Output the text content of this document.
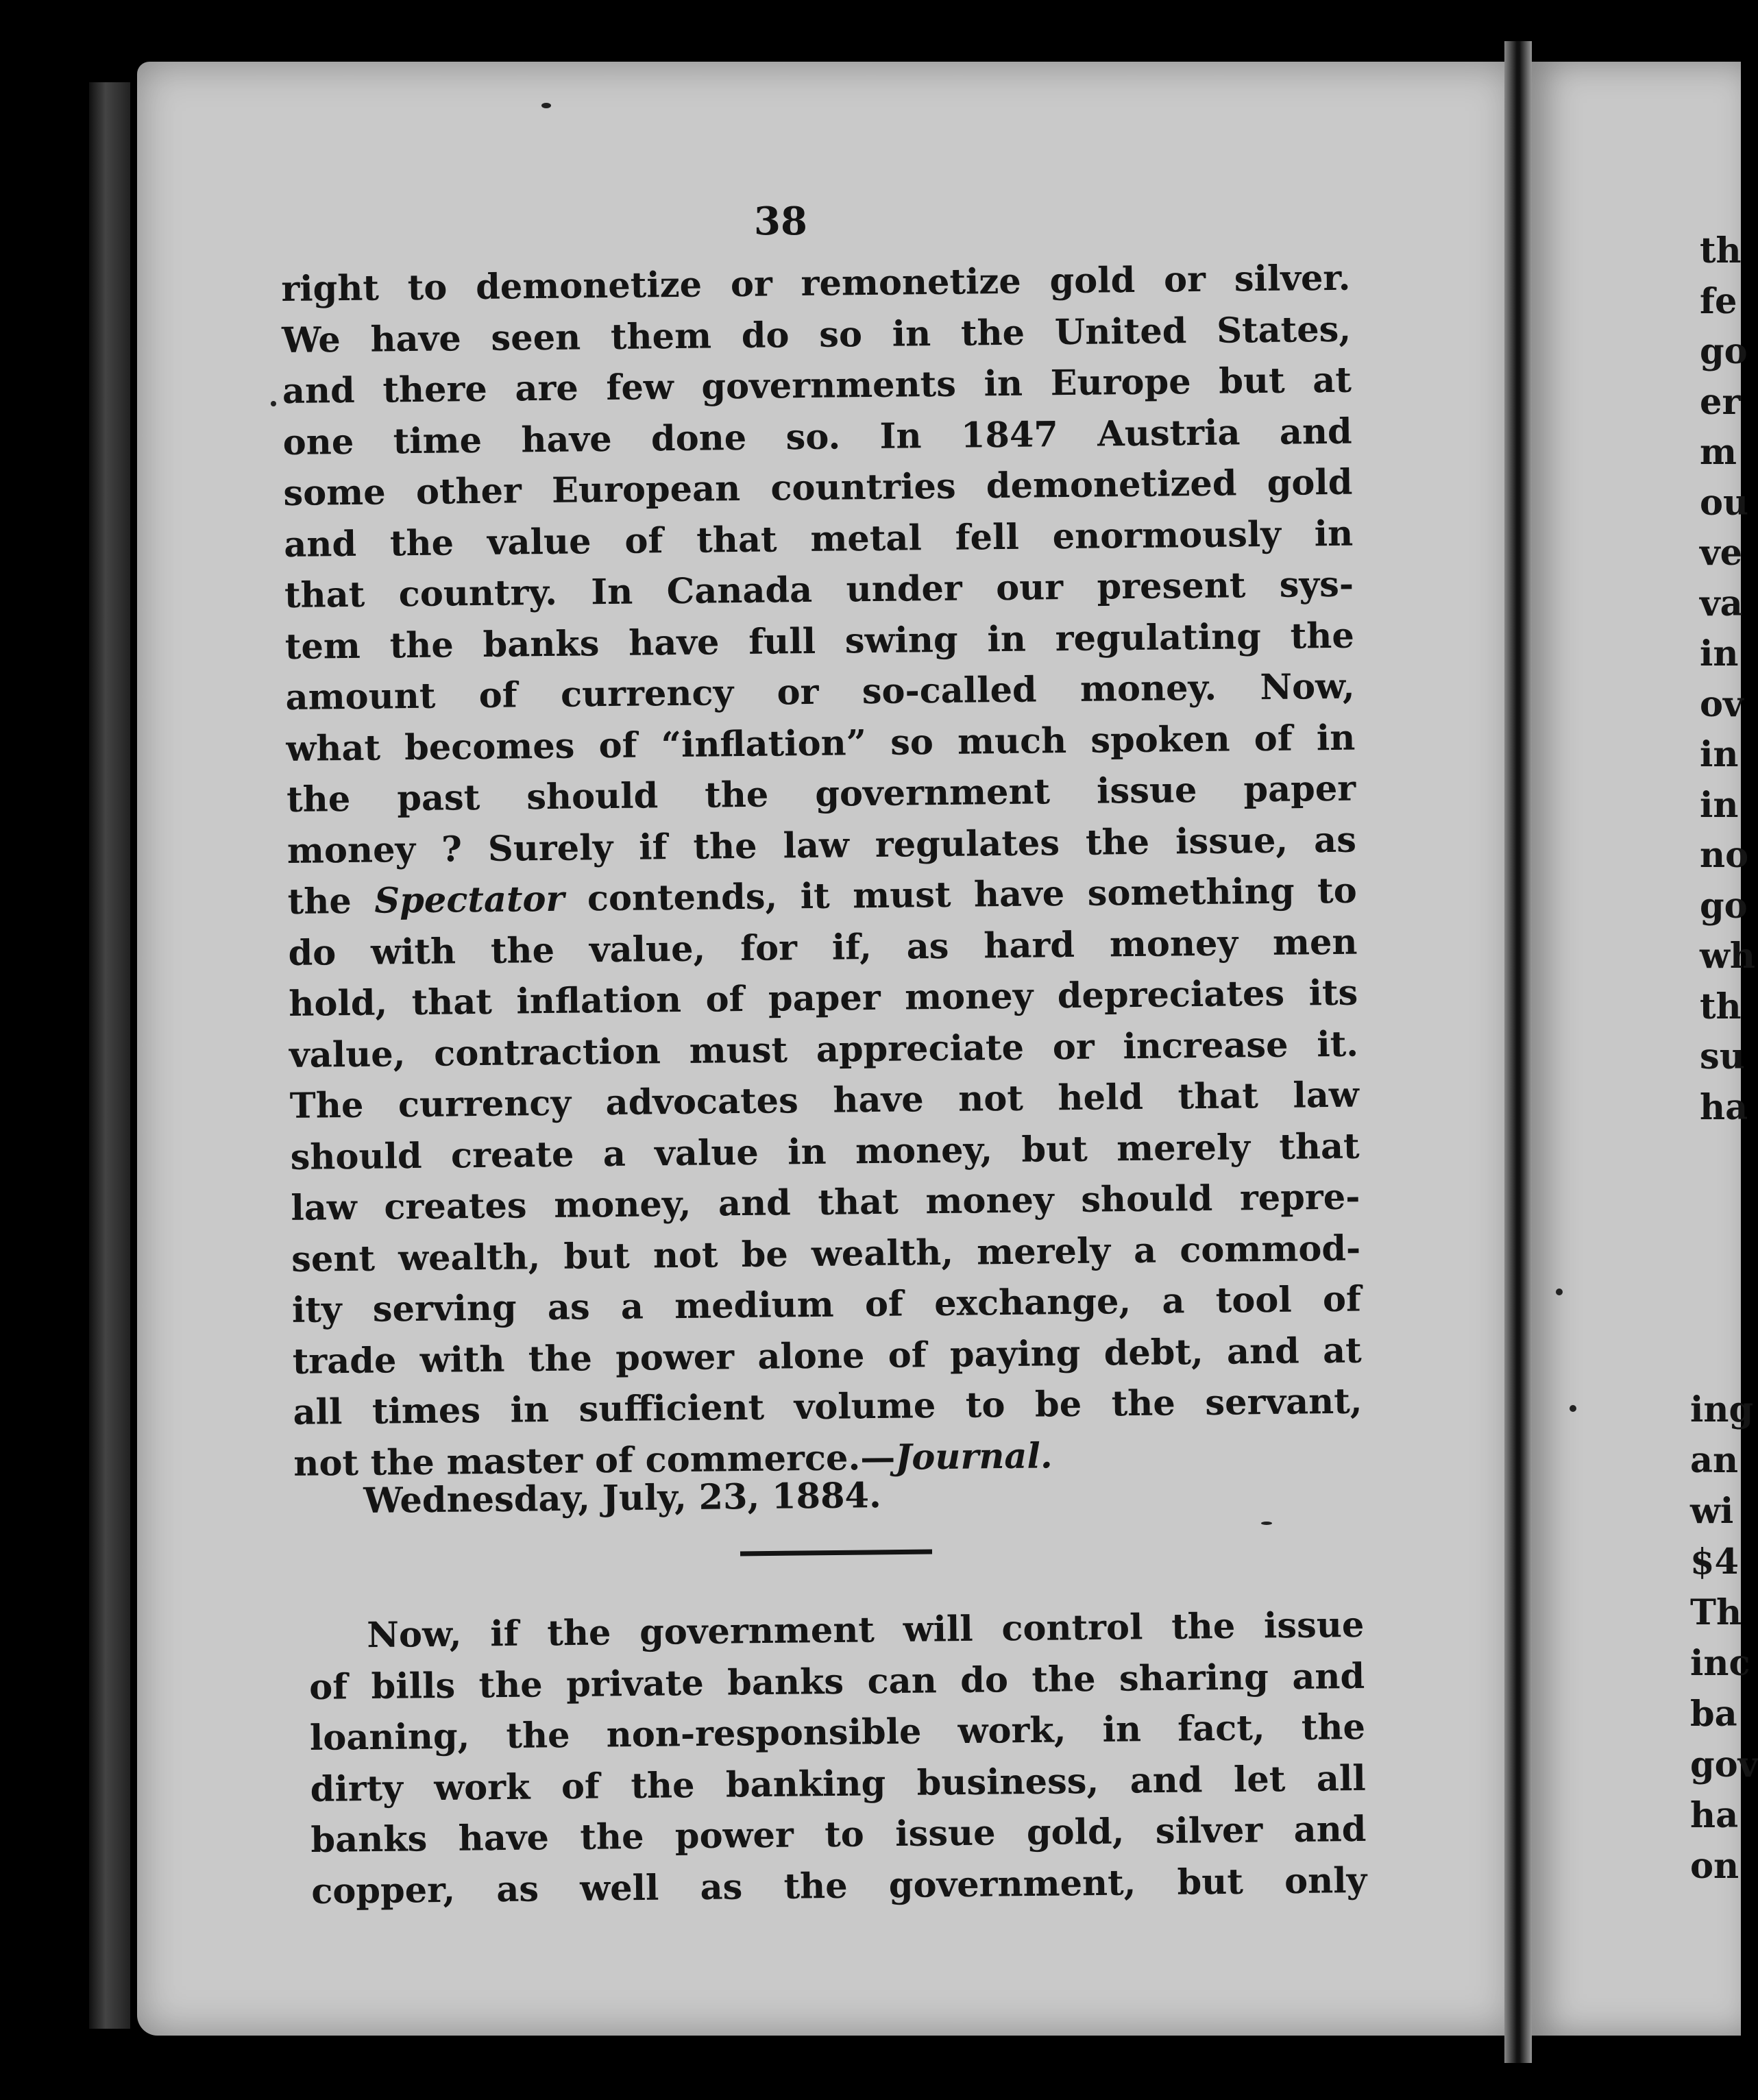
38
right to demonetize or remonetize gold or silver.
We have seen them do so in the United States,
and there are few governments in Europe but at
one time have done so. In 1847 Austria and
some other European countries demonetized gold
and the value of that metal fell enormously in
that country. In Canada under our present sys-
tem the banks have full swing in regulating the
amount of currency or so-called money. Now,
what becomes of “inflation” so much spoken of in
the past should the government issue paper
money ? Surely if the law regulates the issue, as
the Spectator contends, it must have something to
do with the value, for if, as hard money men
hold, that inflation of paper money depreciates its
value, contraction must appreciate or increase it.
The currency advocates have not held that law
should create a value in money, but merely that
law creates money, and that money should repre-
sent wealth, but not be wealth, merely a commod-
ity serving as a medium of exchange, a tool of
trade with the power alone of paying debt, and at
all times in sufficient volume to be the servant,
not the master of commerce.—Journal.
Wednesday, July, 23, 1884.
Now, if the government will control the issue
of bills the private banks can do the sharing and
loaning, the non-responsible work, in fact, the
dirty work of the banking business, and let all
banks have the power to issue gold, silver and
copper, as well as the government, but only
th
fe
go
er
m
ou
ve
va
in
ov
in
in
no
go
wh
th
su
ha
ing
an
wi
$4
Th
inc
ba
gov
ha
on
